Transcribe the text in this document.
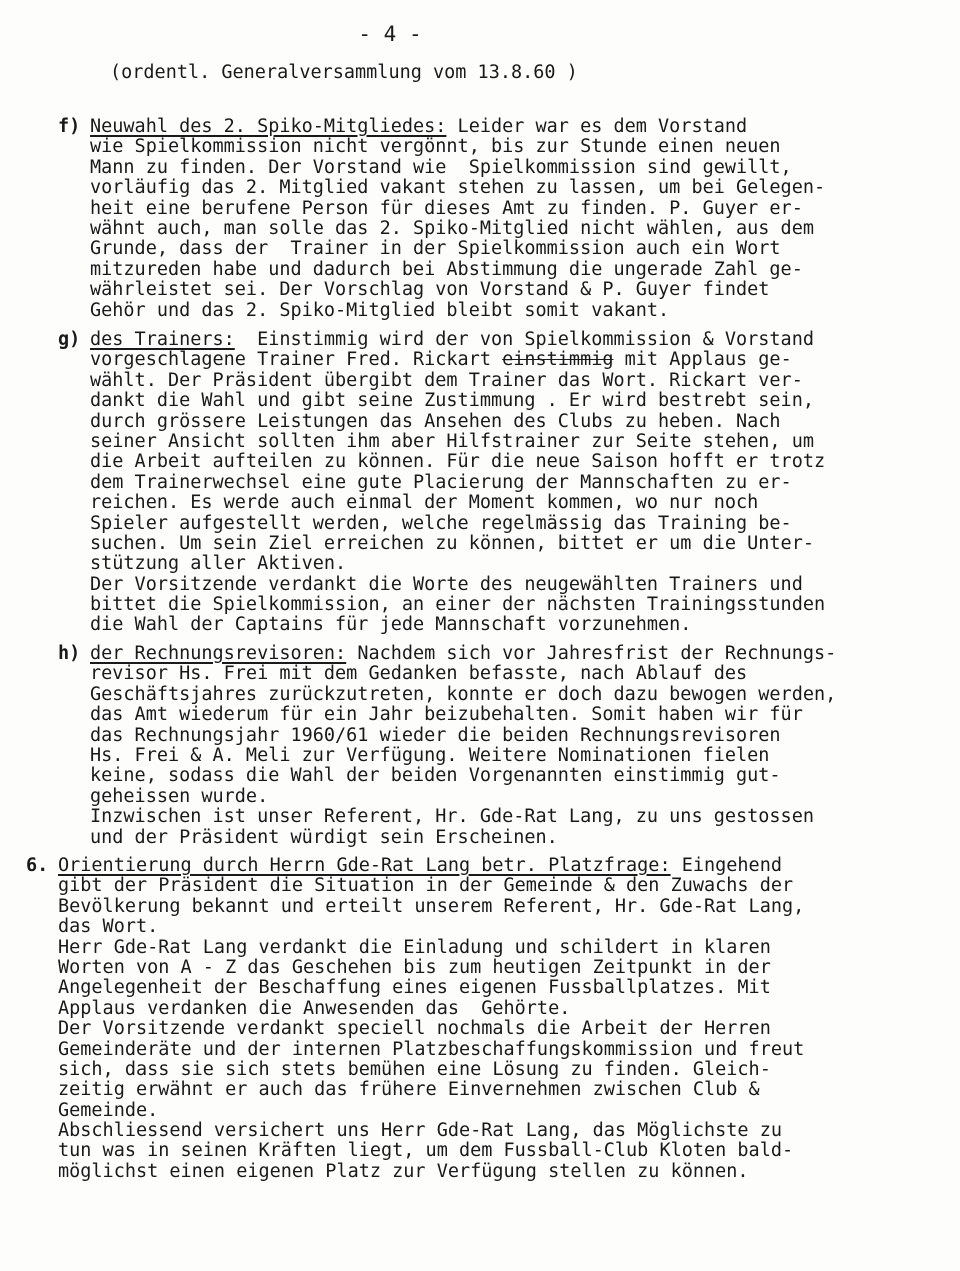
- 4 -
(ordentl. Generalversammlung vom 13.8.60 )
f) Neuwahl des 2. Spiko-Mitgliedes: Leider war es dem Vorstand
wie Spielkommission nicht vergönnt, bis zur Stunde einen neuen
Mann zu finden. Der Vorstand wie  Spielkommission sind gewillt,
vorläufig das 2. Mitglied vakant stehen zu lassen, um bei Gelegen-
heit eine berufene Person für dieses Amt zu finden. P. Guyer er-
wähnt auch, man solle das 2. Spiko-Mitglied nicht wählen, aus dem
Grunde, dass der  Trainer in der Spielkommission auch ein Wort
mitzureden habe und dadurch bei Abstimmung die ungerade Zahl ge-
währleistet sei. Der Vorschlag von Vorstand & P. Guyer findet
Gehör und das 2. Spiko-Mitglied bleibt somit vakant.
g) des Trainers:  Einstimmig wird der von Spielkommission & Vorstand
vorgeschlagene Trainer Fred. Rickart einstimmig mit Applaus ge-
wählt. Der Präsident übergibt dem Trainer das Wort. Rickart ver-
dankt die Wahl und gibt seine Zustimmung . Er wird bestrebt sein,
durch grössere Leistungen das Ansehen des Clubs zu heben. Nach
seiner Ansicht sollten ihm aber Hilfstrainer zur Seite stehen, um
die Arbeit aufteilen zu können. Für die neue Saison hofft er trotz
dem Trainerwechsel eine gute Placierung der Mannschaften zu er-
reichen. Es werde auch einmal der Moment kommen, wo nur noch
Spieler aufgestellt werden, welche regelmässig das Training be-
suchen. Um sein Ziel erreichen zu können, bittet er um die Unter-
stützung aller Aktiven.
Der Vorsitzende verdankt die Worte des neugewählten Trainers und
bittet die Spielkommission, an einer der nächsten Trainingsstunden
die Wahl der Captains für jede Mannschaft vorzunehmen.
h) der Rechnungsrevisoren: Nachdem sich vor Jahresfrist der Rechnungs-
revisor Hs. Frei mit dem Gedanken befasste, nach Ablauf des
Geschäftsjahres zurückzutreten, konnte er doch dazu bewogen werden,
das Amt wiederum für ein Jahr beizubehalten. Somit haben wir für
das Rechnungsjahr 1960/61 wieder die beiden Rechnungsrevisoren
Hs. Frei & A. Meli zur Verfügung. Weitere Nominationen fielen
keine, sodass die Wahl der beiden Vorgenannten einstimmig gut-
geheissen wurde.
Inzwischen ist unser Referent, Hr. Gde-Rat Lang, zu uns gestossen
und der Präsident würdigt sein Erscheinen.
6. Orientierung durch Herrn Gde-Rat Lang betr. Platzfrage: Eingehend
gibt der Präsident die Situation in der Gemeinde & den Zuwachs der
Bevölkerung bekannt und erteilt unserem Referent, Hr. Gde-Rat Lang,
das Wort.
Herr Gde-Rat Lang verdankt die Einladung und schildert in klaren
Worten von A - Z das Geschehen bis zum heutigen Zeitpunkt in der
Angelegenheit der Beschaffung eines eigenen Fussballplatzes. Mit
Applaus verdanken die Anwesenden das  Gehörte.
Der Vorsitzende verdankt speciell nochmals die Arbeit der Herren
Gemeinderäte und der internen Platzbeschaffungskommission und freut
sich, dass sie sich stets bemühen eine Lösung zu finden. Gleich-
zeitig erwähnt er auch das frühere Einvernehmen zwischen Club &
Gemeinde.
Abschliessend versichert uns Herr Gde-Rat Lang, das Möglichste zu
tun was in seinen Kräften liegt, um dem Fussball-Club Kloten bald-
möglichst einen eigenen Platz zur Verfügung stellen zu können.
